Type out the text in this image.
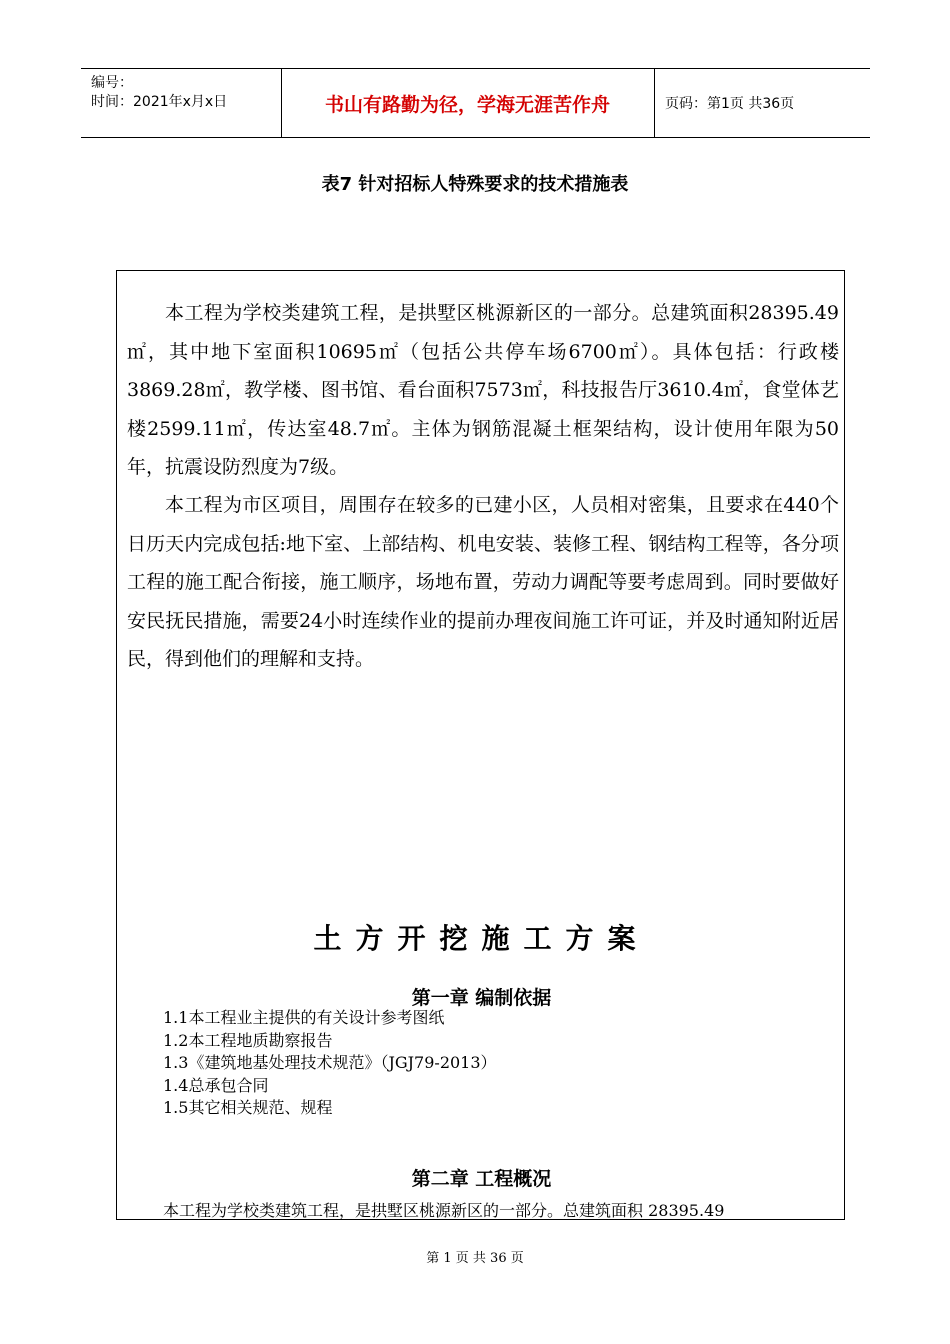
编号：
时间：2021年x月x日	书山有路勤为径，学海无涯苦作舟	页码：第1页 共36页
表7 针对招标人特殊要求的技术措施表
本工程为学校类建筑工程，是拱墅区桃源新区的一部分。总建筑面积28395.49㎡，其中地下室面积10695㎡（包括公共停车场6700㎡）。具体包括：行政楼3869.28㎡，教学楼、图书馆、看台面积7573㎡，科技报告厅3610.4㎡，食堂体艺楼2599.11㎡，传达室48.7㎡。主体为钢筋混凝土框架结构，设计使用年限为50年，抗震设防烈度为7级。
本工程为市区项目，周围存在较多的已建小区，人员相对密集，且要求在440个日历天内完成包括:地下室、上部结构、机电安装、装修工程、钢结构工程等，各分项工程的施工配合衔接，施工顺序，场地布置，劳动力调配等要考虑周到。同时要做好安民抚民措施，需要24小时连续作业的提前办理夜间施工许可证，并及时通知附近居民，得到他们的理解和支持。
土方开挖施工方案
第一章 编制依据
1.1本工程业主提供的有关设计参考图纸
1.2本工程地质勘察报告
1.3《建筑地基处理技术规范》（JGJ79-2013）
1.4总承包合同
1.5其它相关规范、规程
第二章 工程概况
本工程为学校类建筑工程，是拱墅区桃源新区的一部分。总建筑面积 28395.49
第 1 页 共 36 页
